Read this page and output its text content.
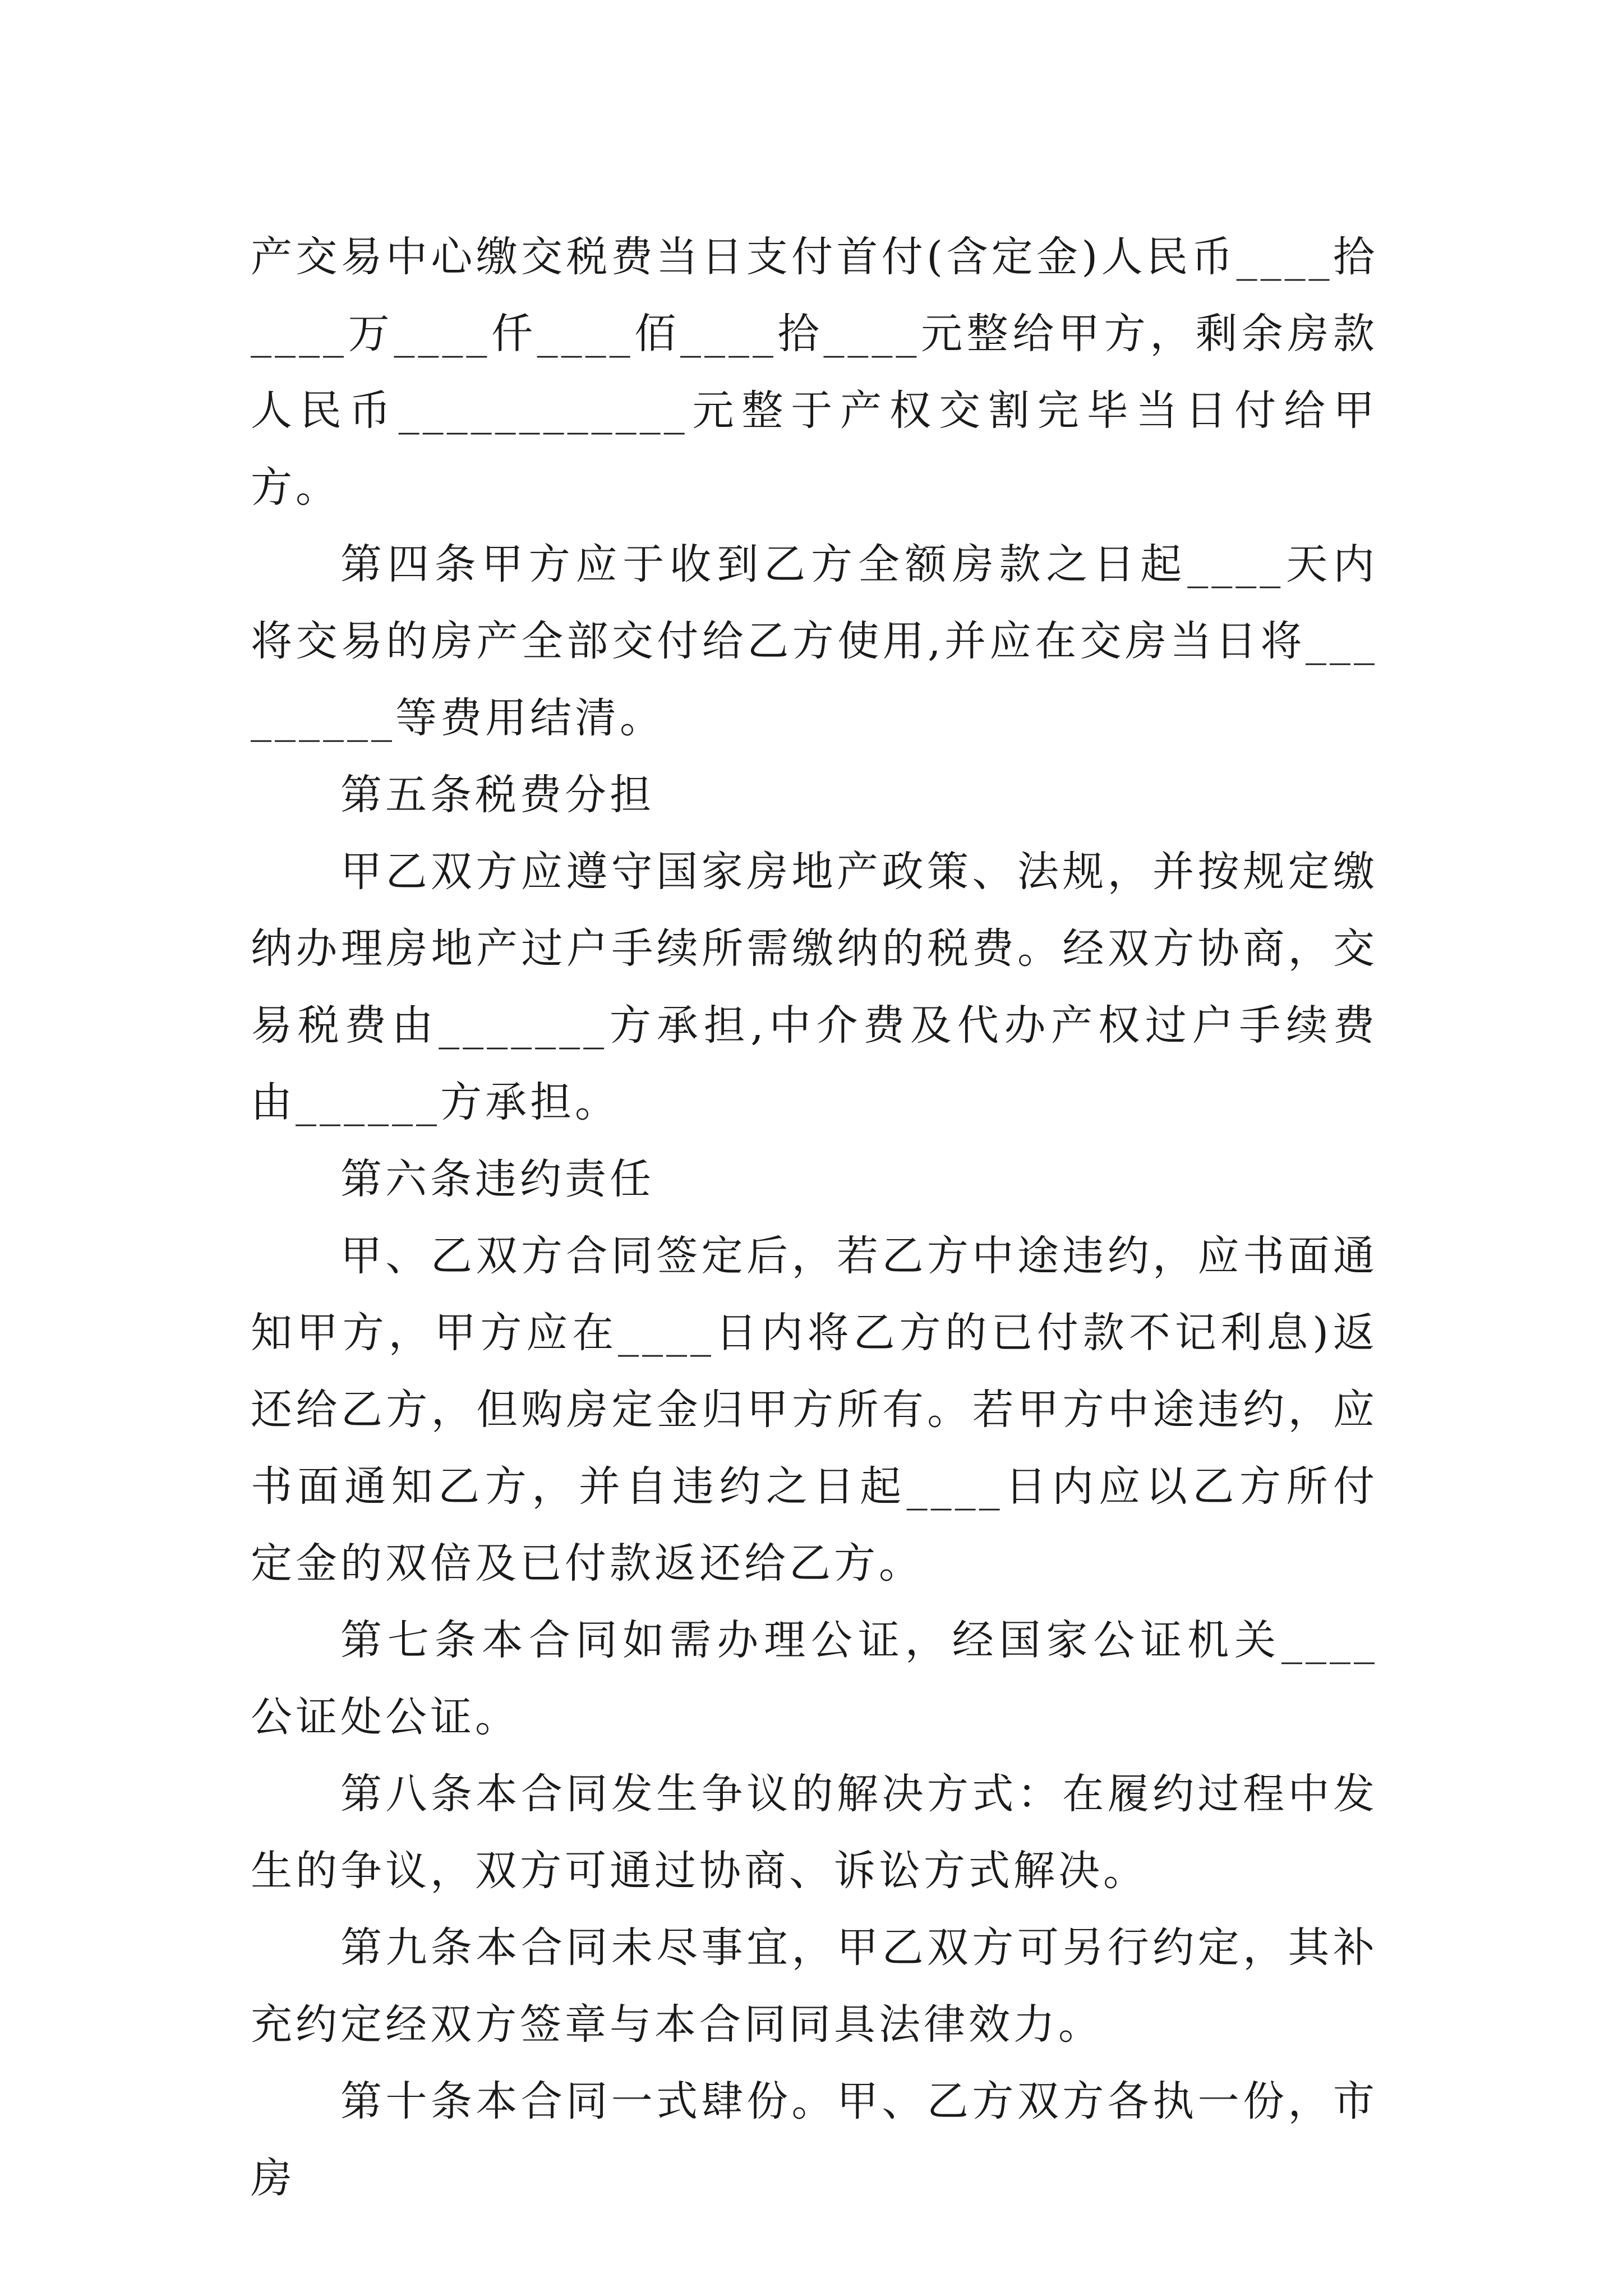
产交易中心缴交税费当日支付首付(含定金)人民币____拾____万____仟____佰____拾____元整给甲方，剩余房款人民币____________元整于产权交割完毕当日付给甲方。

第四条甲方应于收到乙方全额房款之日起____天内将交易的房产全部交付给乙方使用,并应在交房当日将_________等费用结清。

第五条税费分担

甲乙双方应遵守国家房地产政策、法规，并按规定缴纳办理房地产过户手续所需缴纳的税费。经双方协商，交易税费由_______方承担,中介费及代办产权过户手续费由______方承担。

第六条违约责任

甲、乙双方合同签定后，若乙方中途违约，应书面通知甲方，甲方应在____日内将乙方的已付款不记利息)返还给乙方，但购房定金归甲方所有。若甲方中途违约，应书面通知乙方，并自违约之日起____日内应以乙方所付定金的双倍及已付款返还给乙方。

第七条本合同如需办理公证，经国家公证机关____公证处公证。

第八条本合同发生争议的解决方式：在履约过程中发生的争议，双方可通过协商、诉讼方式解决。

第九条本合同未尽事宜，甲乙双方可另行约定，其补充约定经双方签章与本合同同具法律效力。

第十条本合同一式肆份。甲、乙方双方各执一份，市房
